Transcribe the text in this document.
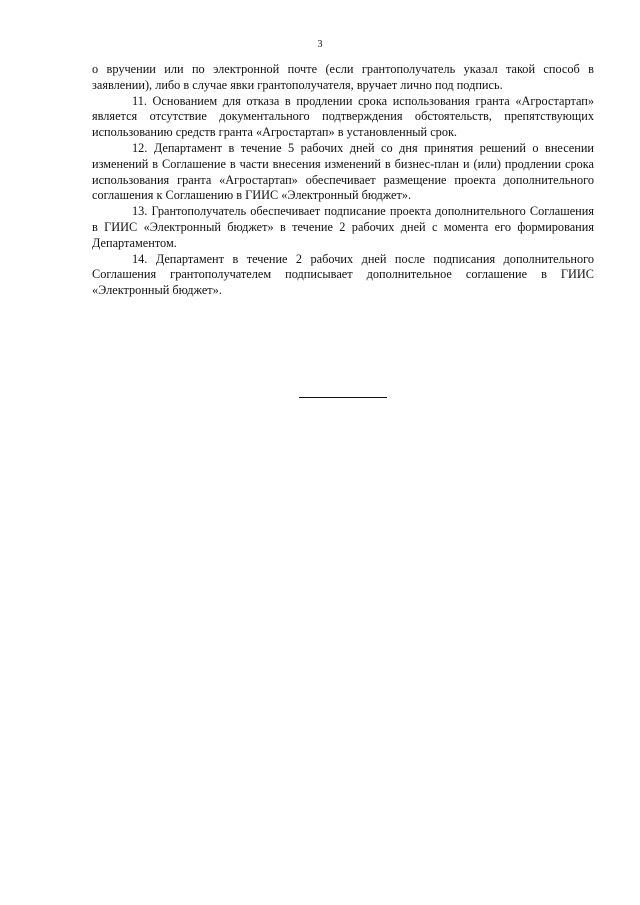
3

о вручении или по электронной почте (если грантополучатель указал такой способ в заявлении), либо в случае явки грантополучателя, вручает лично под подпись.

11. Основанием для отказа в продлении срока использования гранта «Агростартап» является отсутствие документального подтверждения обстоятельств, препятствующих использованию средств гранта «Агростартап» в установленный срок.

12. Департамент в течение 5 рабочих дней со дня принятия решений о внесении изменений в Соглашение в части внесения изменений в бизнес-план и (или) продлении срока использования гранта «Агростартап» обеспечивает размещение проекта дополнительного соглашения к Соглашению в ГИИС «Электронный бюджет».

13. Грантополучатель обеспечивает подписание проекта дополнительного Соглашения в ГИИС «Электронный бюджет» в течение 2 рабочих дней с момента его формирования Департаментом.

14. Департамент в течение 2 рабочих дней после подписания дополнительного Соглашения грантополучателем подписывает дополнительное соглашение в ГИИС «Электронный бюджет».
